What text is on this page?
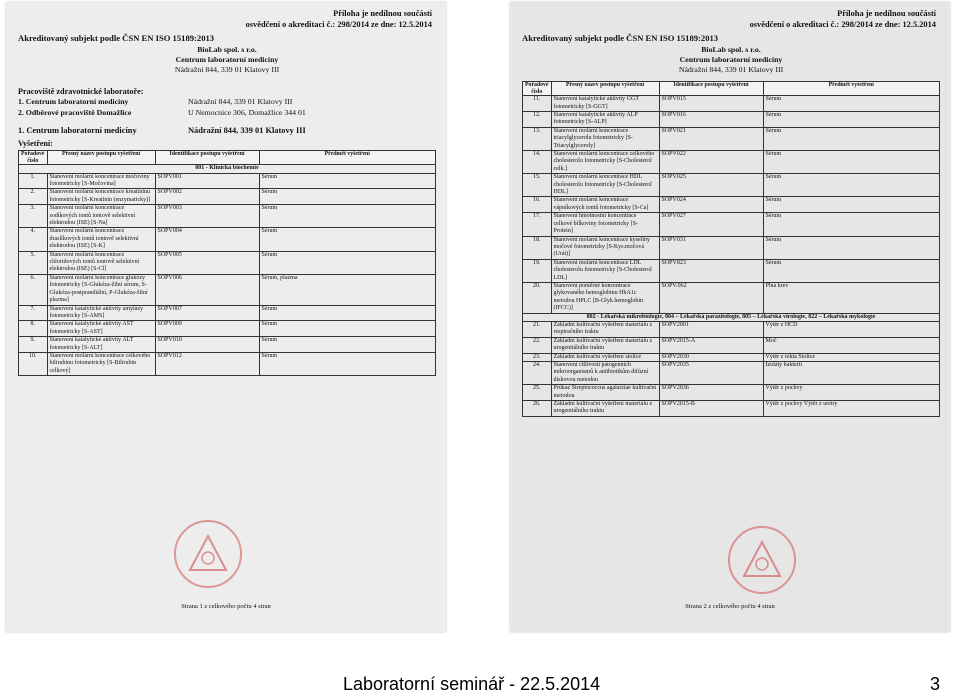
Příloha je nedílnou součástí
osvědčení o akreditaci č.: 298/2014 ze dne: 12.5.2014
Akreditovaný subjekt podle ČSN EN ISO 15189:2013
BioLab spol. s r.o.
Centrum laboratorní medicíny
Nádražní 844, 339 01 Klatovy III
Pracoviště zdravotnické laboratoře:
1. Centrum laboratorní medicíny	Nádražní 844, 339 01 Klatovy III
2. Odběrové pracoviště Domažlice	U Nemocnice 306, Domažlice 344 01
1. Centrum laboratorní medicíny	Nádražní 844, 339 01 Klatovy III
Vyšetření:
Pořadové číslo	Přesný název postupu vyšetření	Identifikace postupu vyšetření	Předmět vyšetření
801 - Klinická biochemie			
1.	Stanovení molární koncentrace močoviny fotometricky [S-Močovina]	SOPV001	Sérum
2.	Stanovení molární koncentrace kreatininu fotometricky [S-Kreatinin (enzymaticky)]	SOPV002	Sérum
3.	Stanovení molární koncentrace sodíkových iontů iontově selektivní elektrodou (ISE) [S-Na]	SOPV003	Sérum
4.	Stanovení molární koncentrace draslíkových iontů iontově selektivní elektrodou (ISE) [S-K]	SOPV004	Sérum
5.	Stanovení molární koncentrace chloridových iontů iontově selektivní elektrodou (ISE) [S-Cl]	SOPV005	Sérum
6.	Stanovení molární koncentrace glukózy fotometricky [S-Glukóza-žilní sérum, S-Glukóza-postprandiální, P-Glukóza-žilní plazma]	SOPV006	Sérum, plazma
7.	Stanovení katalytické aktivity amylázy fotometricky [S-AMS]	SOPV007	Sérum
8.	Stanovení katalytické aktivity AST fotometricky [S-AST]	SOPV009	Sérum
9.	Stanovení katalytické aktivity ALT fotometricky [S-ALT]	SOPV010	Sérum
10.	Stanovení molární koncentrace celkového bilirubinu fotometricky [S-Bilirubin celkový]	SOPV012	Sérum
Strana 1 z celkového počtu 4 stran
Příloha je nedílnou součástí
osvědčení o akreditaci č.: 298/2014 ze dne: 12.5.2014
Akreditovaný subjekt podle ČSN EN ISO 15189:2013
BioLab spol. s r.o.
Centrum laboratorní medicíny
Nádražní 844, 339 01 Klatovy III
Pořadové číslo	Přesný název postupu vyšetření	Identifikace postupu vyšetření	Předmět vyšetření
11.	Stanovení katalytické aktivity GGT fotometricky [S-GGT]	SOPV015	Sérum
12.	Stanovení katalytické aktivity ALP fotometricky [S-ALP]	SOPV016	Sérum
13.	Stanovení molární koncentrace triacylglycerolu fotometricky [S-Triacylglyceroly]	SOPV021	Sérum
14.	Stanovení molární koncentrace celkového cholesterolu fotometricky [S-Cholesterol celk.]	SOPV022	Sérum
15.	Stanovení molární koncentrace HDL cholesterolu fotometricky [S-Cholesterol HDL]	SOPV025	Sérum
16.	Stanovení molární koncentrace vápníkových iontů fotometricky [S-Ca]	SOPV024	Sérum
17.	Stanovení hmotnostní koncentrace celkové bílkoviny fotometricky [S-Protein]	SOPV027	Sérum
18.	Stanovení molární koncentrace kyseliny močové fotometricky [S-Kys.močová (Urát)]	SOPV031	Sérum
19.	Stanovení molární koncentrace LDL cholesterolu fotometricky [S-Cholesterol LDL]	SOPV823	Sérum
20.	Stanovení poměrné koncentrace glykovaného hemoglobinu HbA1c metodou HPLC [B-Glyk.hemoglobin (IFCC)]	SOPV.062	Plná krev
802 - Lékařská mikrobiologie, 804 – Lékařská parazitologie, 805 – Lékařská virologie, 822 – Lékařská mykologie			
21.	Základní kultivační vyšetření materiálu z respiračního traktu	SOPV2001	Výtěr z HCD
22.	Základní kultivační vyšetření materiálu z urogenitálního traktu	SOPV2015-A	Moč
23.	Základní kultivační vyšetření stolice	SOPV2030	Výtěr z rekta Stolice
24.	Stanovení citlivosti patogenních mikroorganismů k antibiotikům difúzní diskovou metodou	SOPV2035	Izoláty bakterií
25.	Průkaz Streptococcus agalactiae kultivační metodou	SOPV2036	Výtěr z pochvy
26.	Základní kultivační vyšetření materiálu z urogenitálního traktu	SOPV2015-B	Výtěr z pochvy Výtěr z uretry
Strana 2 z celkového počtu 4 stran
Laboratorní seminář - 22.5.2014	3
